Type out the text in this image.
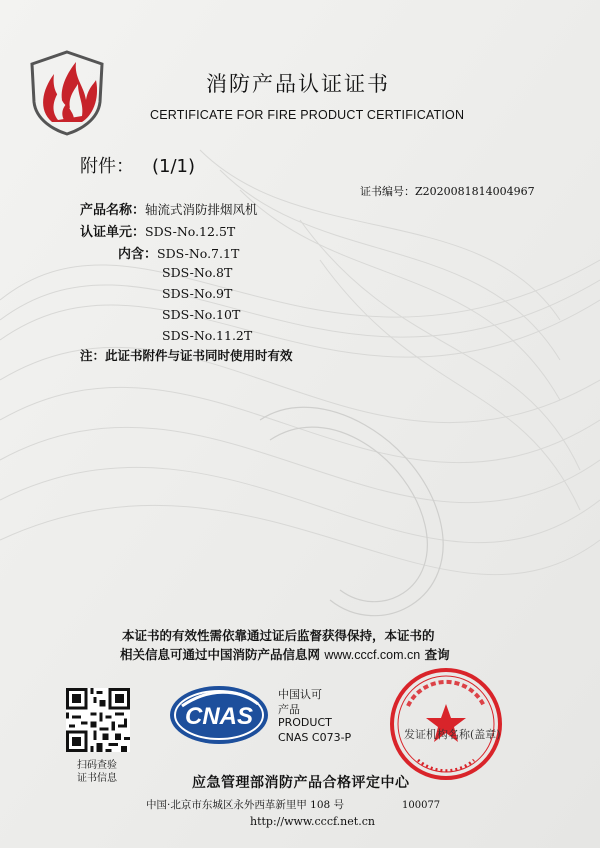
消防产品认证证书
CERTIFICATE FOR FIRE PRODUCT CERTIFICATION
附件： (1/1)
证书编号：Z2020081814004967
产品名称：轴流式消防排烟风机
认证单元：SDS-No.12.5T
内含：SDS-No.7.1T
SDS-No.8T
SDS-No.9T
SDS-No.10T
SDS-No.11.2T
注：此证书附件与证书同时使用时有效
本证书的有效性需依靠通过证后监督获得保持，本证书的
相关信息可通过中国消防产品信息网 www.cccf.com.cn 查询
扫码查验
证书信息
CNAS
中国认可
产品
PRODUCT
CNAS C073-P	发证机构名称(盖章)
应急管理部消防产品合格评定中心
中国·北京市东城区永外西革新里甲 108 号	100077
http://www.cccf.net.cn
